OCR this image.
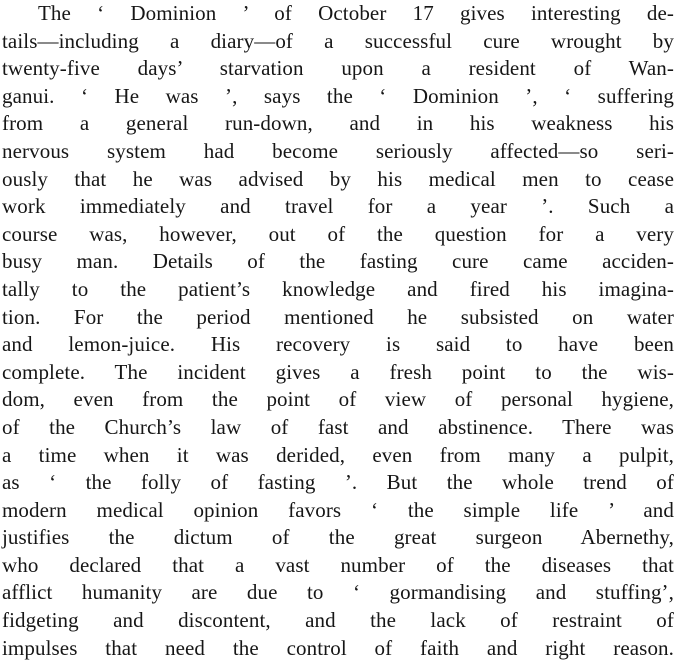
The ‘ Dominion ’ of October 17 gives interesting de-
tails—including a diary—of a successful cure wrought by
twenty-five days’ starvation upon a resident of Wan-
ganui. ‘ He was ’, says the ‘ Dominion ’, ‘ suffering
from a general run-down, and in his weakness his
nervous system had become seriously affected—so seri-
ously that he was advised by his medical men to cease
work immediately and travel for a year ’. Such a
course was, however, out of the question for a very
busy man. Details of the fasting cure came acciden-
tally to the patient’s knowledge and fired his imagina-
tion. For the period mentioned he subsisted on water
and lemon-juice. His recovery is said to have been
complete. The incident gives a fresh point to the wis-
dom, even from the point of view of personal hygiene,
of the Church’s law of fast and abstinence. There was
a time when it was derided, even from many a pulpit,
as ‘ the folly of fasting ’. But the whole trend of
modern medical opinion favors ‘ the simple life ’ and
justifies the dictum of the great surgeon Abernethy,
who declared that a vast number of the diseases that
afflict humanity are due to ‘ gormandising and stuffing’,
fidgeting and discontent, and the lack of restraint of
impulses that need the control of faith and right reason.
